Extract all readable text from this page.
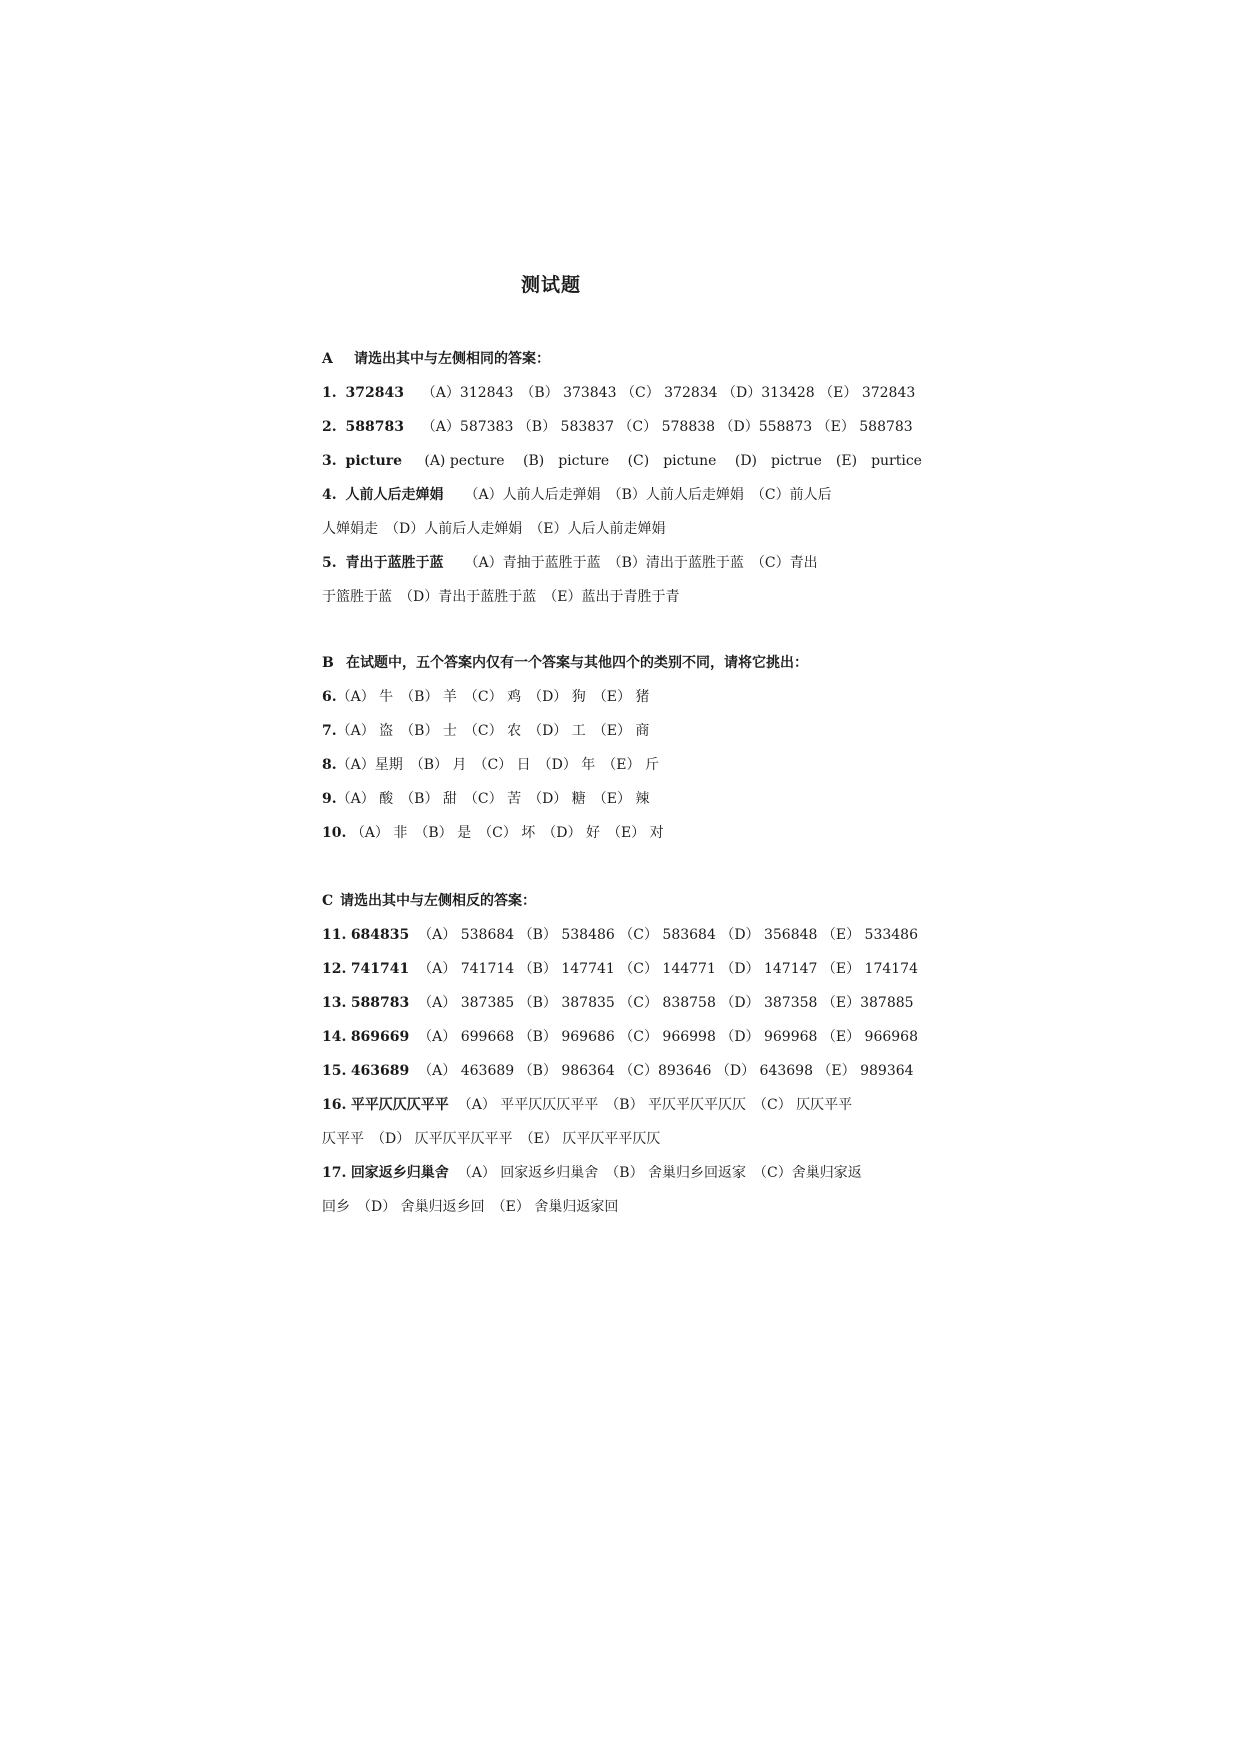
测试题
A 请选出其中与左侧相同的答案：
1. 372843 （A）312843　（B） 373843 （C） 372834 （D）313428 （E） 372843
2. 588783 （A）587383 （B） 583837 （C） 578838 （D）558873 （E） 588783
3. picture (A) pecture　 (B)　picture　 (C)　pictune　 (D)　pictrue　(E)　purtice
4. 人前人后走婵娟　　 （A）人前人后走弹娟　（B）人前人后走婵娟　（C）前人后
人婵娟走　（D）人前后人走婵娟　（E）人后人前走婵娟
5. 青出于蓝胜于蓝　　 （A）青抽于蓝胜于蓝　（B）清出于蓝胜于蓝　（C）青出
于篮胜于蓝　（D）青出于蓝胜于蓝　（E）蓝出于青胜于青
B 在试题中，五个答案内仅有一个答案与其他四个的类别不同，请将它挑出：
6.（A） 牛　（B） 羊　（C） 鸡　（D） 狗　（E） 猪
7.（A） 盗　（B） 士　（C） 农　（D） 工　（E） 商
8.（A）星期　（B） 月　（C） 日　（D） 年　（E） 斤
9.（A） 酸　（B） 甜　（C） 苦　（D） 糖　（E） 辣
10. （A） 非　（B） 是　（C） 坏　（D） 好　（E） 对
C 请选出其中与左侧相反的答案：
11. 684835 （A） 538684 （B） 538486 （C） 583684 （D） 356848 （E） 533486
12. 741741 （A） 741714 （B） 147741 （C） 144771 （D） 147147 （E） 174174
13. 588783 （A） 387385 （B） 387835 （C） 838758 （D） 387358 （E）387885
14. 869669 （A） 699668 （B） 969686 （C） 966998 （D） 969968 （E） 966968
15. 463689 （A） 463689 （B） 986364 （C）893646 （D） 643698 （E） 989364
16. 平平仄仄仄平平 （A） 平平仄仄仄平平　（B） 平仄平仄平仄仄　（C） 仄仄平平
仄平平　（D） 仄平仄平仄平平　（E） 仄平仄平平仄仄
17. 回家返乡归巢舍 （A） 回家返乡归巢舍　（B） 舍巢归乡回返家　（C）舍巢归家返
回乡　（D） 舍巢归返乡回　（E） 舍巢归返家回
